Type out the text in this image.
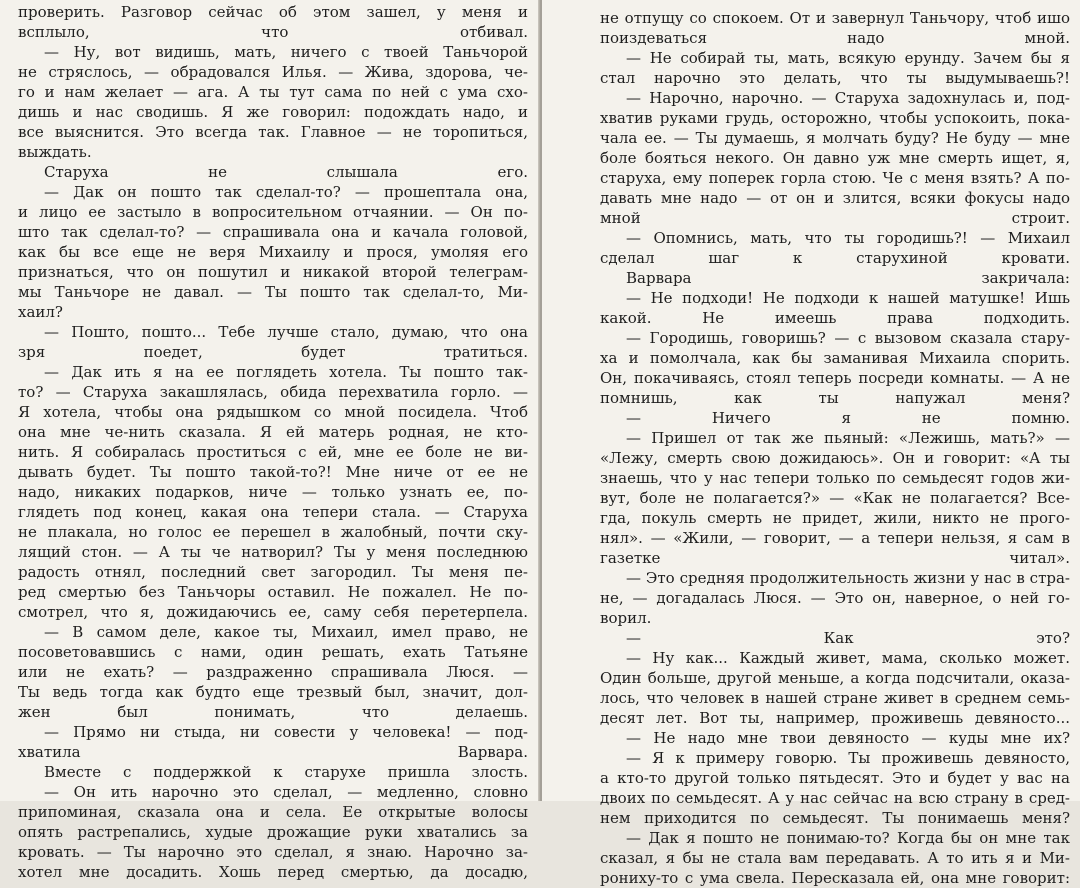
проверить. Разговор сейчас об этом зашел, у меня и
всплыло, что отбивал.
— Ну, вот видишь, мать, ничего с твоей Таньчорой
не стряслось, — обрадовался Илья. — Жива, здорова, че-
го и нам желает — ага. А ты тут сама по ней с ума схо-
дишь и нас сводишь. Я же говорил: подождать надо, и
все выяснится. Это всегда так. Главное — не торопиться,
выждать.
Старуха не слышала его.
— Дак он пошто так сделал-то? — прошептала она,
и лицо ее застыло в вопросительном отчаянии. — Он по-
што так сделал-то? — спрашивала она и качала головой,
как бы все еще не веря Михаилу и прося, умоляя его
признаться, что он пошутил и никакой второй телеграм-
мы Таньчоре не давал. — Ты пошто так сделал-то, Ми-
хаил?
— Пошто, пошто... Тебе лучше стало, думаю, что она
зря поедет, будет тратиться.
— Дак ить я на ее поглядеть хотела. Ты пошто так-
то? — Старуха закашлялась, обида перехватила горло. —
Я хотела, чтобы она рядышком со мной посидела. Чтоб
она мне че-нить сказала. Я ей матерь родная, не кто-
нить. Я собиралась проститься с ей, мне ее боле не ви-
дывать будет. Ты пошто такой-то?! Мне ниче от ее не
надо, никаких подарков, ниче — только узнать ее, по-
глядеть под конец, какая она тепери стала. — Старуха
не плакала, но голос ее перешел в жалобный, почти ску-
лящий стон. — А ты че натворил? Ты у меня последнюю
радость отнял, последний свет загородил. Ты меня пе-
ред смертью без Таньчоры оставил. Не пожалел. Не по-
смотрел, что я, дожидаючись ее, саму себя перетерпела.
— В самом деле, какое ты, Михаил, имел право, не
посоветовавшись с нами, один решать, ехать Татьяне
или не ехать? — раздраженно спрашивала Люся. —
Ты ведь тогда как будто еще трезвый был, значит, дол-
жен был понимать, что делаешь.
— Прямо ни стыда, ни совести у человека! — под-
хватила Варвара.
Вместе с поддержкой к старухе пришла злость.
— Он ить нарочно это сделал, — медленно, словно
припоминая, сказала она и села. Ее открытые волосы
опять растрепались, худые дрожащие руки хватались за
кровать. — Ты нарочно это сделал, я знаю. Нарочно за-
хотел мне досадить. Хошь перед смертью, да досадю,
не отпущу со спокоем. От и завернул Таньчору, чтоб ишо
поиздеваться надо мной.
— Не собирай ты, мать, всякую ерунду. Зачем бы я
стал нарочно это делать, что ты выдумываешь?!
— Нарочно, нарочно. — Старуха задохнулась и, под-
хватив руками грудь, осторожно, чтобы успокоить, пока-
чала ее. — Ты думаешь, я молчать буду? Не буду — мне
боле бояться некого. Он давно уж мне смерть ищет, я,
старуха, ему поперек горла стою. Че с меня взять? А по-
давать мне надо — от он и злится, всяки фокусы надо
мной строит.
— Опомнись, мать, что ты городишь?! — Михаил
сделал шаг к старухиной кровати.
Варвара закричала:
— Не подходи! Не подходи к нашей матушке! Ишь
какой. Не имеешь права подходить.
— Городишь, говоришь? — с вызовом сказала стару-
ха и помолчала, как бы заманивая Михаила спорить.
Он, покачиваясь, стоял теперь посреди комнаты. — А не
помнишь, как ты напужал меня?
— Ничего я не помню.
— Пришел от так же пьяный: «Лежишь, мать?» —
«Лежу, смерть свою дожидаюсь». Он и говорит: «А ты
знаешь, что у нас тепери только по семьдесят годов жи-
вут, боле не полагается?» — «Как не полагается? Все-
гда, покуль смерть не придет, жили, никто не прого-
нял». — «Жили, — говорит, — а тепери нельзя, я сам в
газетке читал».
— Это средняя продолжительность жизни у нас в стра-
не, — догадалась Люся. — Это он, наверное, о ней го-
ворил.
— Как это?
— Ну как... Каждый живет, мама, сколько может.
Один больше, другой меньше, а когда подсчитали, оказа-
лось, что человек в нашей стране живет в среднем семь-
десят лет. Вот ты, например, проживешь девяносто...
— Не надо мне твои девяносто — куды мне их?
— Я к примеру говорю. Ты проживешь девяносто,
а кто-то другой только пятьдесят. Это и будет у вас на
двоих по семьдесят. А у нас сейчас на всю страну в сред-
нем приходится по семьдесят. Ты понимаешь меня?
— Дак я пошто не понимаю-то? Когда бы он мне так
сказал, я бы не стала вам передавать. А то ить я и Ми-
рониху-то с ума свела. Пересказала ей, она мне говорит:
